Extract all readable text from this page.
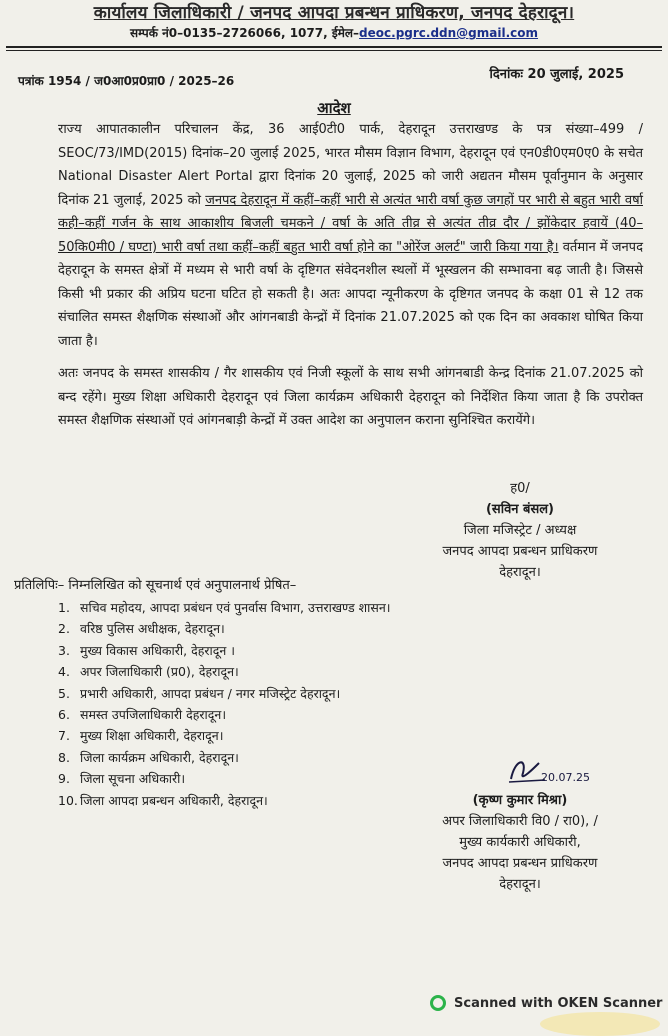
कार्यालय जिलाधिकारी / जनपद आपदा प्रबन्धन प्राधिकरण, जनपद देहरादून।
सम्पर्क नं0–0135–2726066, 1077, ईमेल–deoc.pgrc.ddn@gmail.com
पत्रांक 1954 / ज0आ0प्र0प्रा0 / 2025–26	दिनांकः 20 जुलाई, 2025
आदेश
राज्य आपातकालीन परिचालन केंद्र, 36 आई0टी0 पार्क, देहरादून उत्तराखण्ड के पत्र संख्या–499 / SEOC/73/IMD(2015) दिनांक–20 जुलाई 2025, भारत मौसम विज्ञान विभाग, देहरादून एवं एन0डी0एम0ए0 के सचेत National Disaster Alert Portal द्वारा दिनांक 20 जुलाई, 2025 को जारी अद्यतन मौसम पूर्वानुमान के अनुसार दिनांक 21 जुलाई, 2025 को जनपद देहरादून में कहीं–कहीं भारी से अत्यंत भारी वर्षा कुछ जगहों पर भारी से बहुत भारी वर्षा कही–कहीं गर्जन के साथ आकाशीय बिजली चमकने / वर्षा के अति तीव्र से अत्यंत तीव्र दौर / झोंकेदार हवायें (40–50कि0मी0 / घण्टा) भारी वर्षा तथा कहीं–कहीं बहुत भारी वर्षा होने का "ओरेंज अलर्ट" जारी किया गया है। वर्तमान में जनपद देहरादून के समस्त क्षेत्रों में मध्यम से भारी वर्षा के दृष्टिगत संवेदनशील स्थलों में भूस्खलन की सम्भावना बढ़ जाती है। जिससे किसी भी प्रकार की अप्रिय घटना घटित हो सकती है। अतः आपदा न्यूनीकरण के दृष्टिगत जनपद के कक्षा 01 से 12 तक संचालित समस्त शैक्षणिक संस्थाओं और आंगनबाडी केन्द्रों में दिनांक 21.07.2025 को एक दिन का अवकाश घोषित किया जाता है।
अतः जनपद के समस्त शासकीय / गैर शासकीय एवं निजी स्कूलों के साथ सभी आंगनबाडी केन्द्र दिनांक 21.07.2025 को बन्द रहेंगे। मुख्य शिक्षा अधिकारी देहरादून एवं जिला कार्यक्रम अधिकारी देहरादून को निर्देशित किया जाता है कि उपरोक्त समस्त शैक्षणिक संस्थाओं एवं आंगनबाड़ी केन्द्रों में उक्त आदेश का अनुपालन कराना सुनिश्चित करायेंगे।
ह0/
(सविन बंसल)
जिला मजिस्ट्रेट / अध्यक्ष
जनपद आपदा प्रबन्धन प्राधिकरण
देहरादून।
प्रतिलिपिः– निम्नलिखित को सूचनार्थ एवं अनुपालनार्थ प्रेषित–
1. सचिव महोदय, आपदा प्रबंधन एवं पुनर्वास विभाग, उत्तराखण्ड शासन।
2. वरिष्ठ पुलिस अधीक्षक, देहरादून।
3. मुख्य विकास अधिकारी, देहरादून ।
4. अपर जिलाधिकारी (प्र0), देहरादून।
5. प्रभारी अधिकारी, आपदा प्रबंधन / नगर मजिस्ट्रेट देहरादून।
6. समस्त उपजिलाधिकारी देहरादून।
7. मुख्य शिक्षा अधिकारी, देहरादून।
8. जिला कार्यक्रम अधिकारी, देहरादून।
9. जिला सूचना अधिकारी।
10. जिला आपदा प्रबन्धन अधिकारी, देहरादून।
20.07.25
(कृष्ण कुमार मिश्रा)
अपर जिलाधिकारी वि0 / रा0), /
मुख्य कार्यकारी अधिकारी,
जनपद आपदा प्रबन्धन प्राधिकरण
देहरादून।
Scanned with OKEN Scanner
